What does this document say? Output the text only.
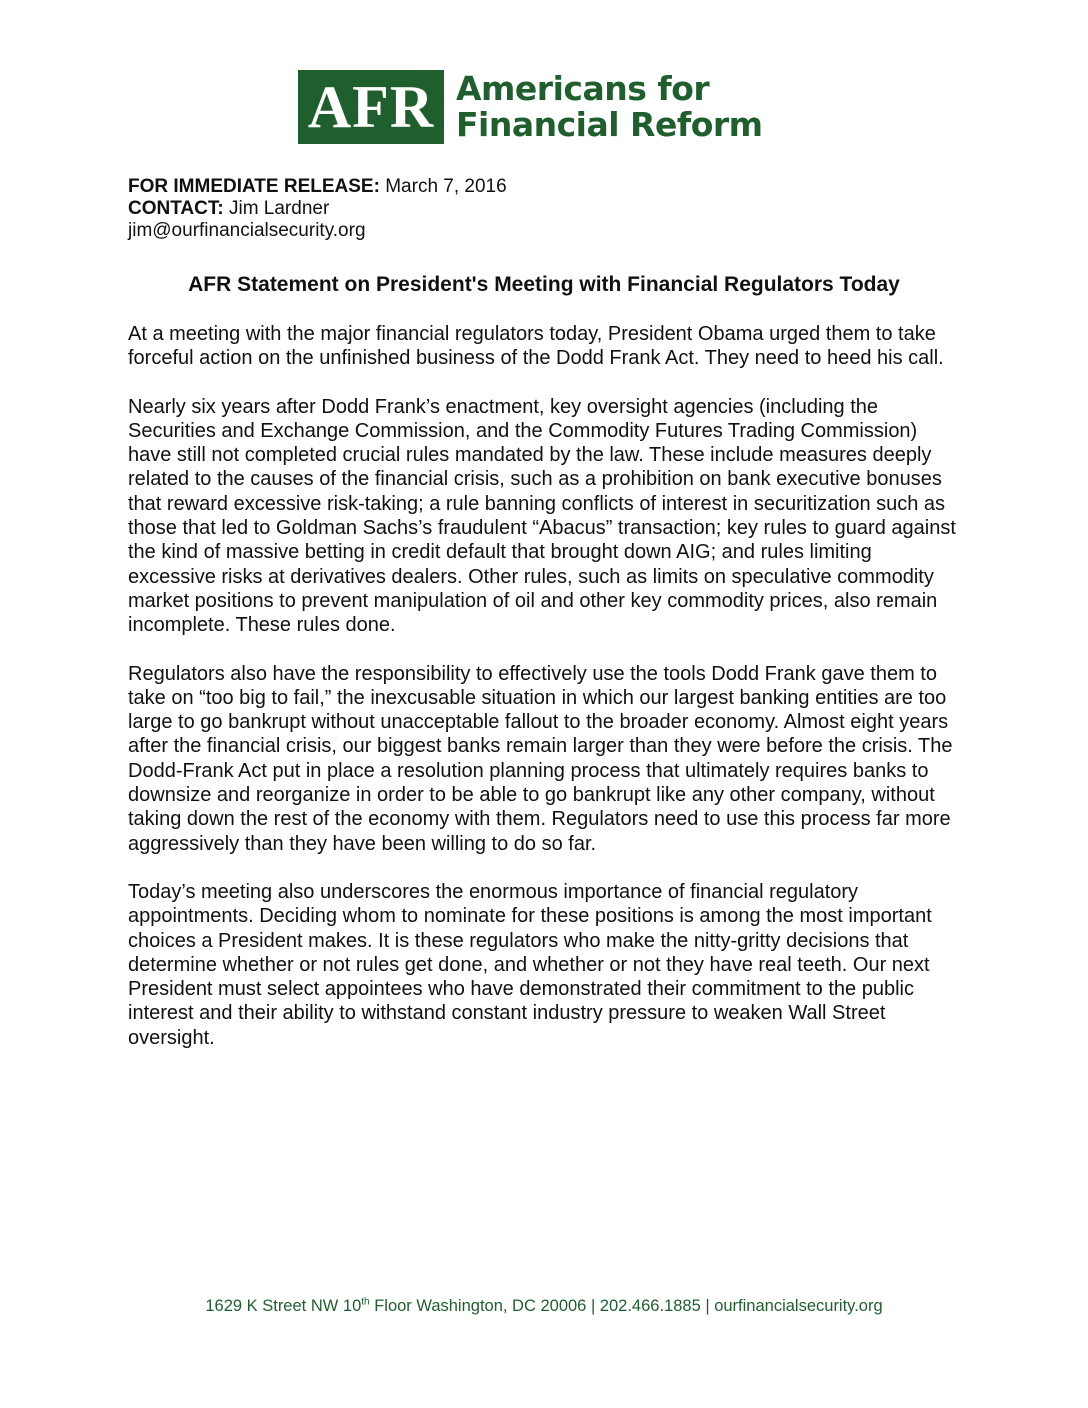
AFR Americans for
Financial Reform
FOR IMMEDIATE RELEASE: March 7, 2016
CONTACT: Jim Lardner
jim@ourfinancialsecurity.org
AFR Statement on President's Meeting with Financial Regulators Today

At a meeting with the major financial regulators today, President Obama urged them to take forceful action on the unfinished business of the Dodd Frank Act. They need to heed his call.

Nearly six years after Dodd Frank’s enactment, key oversight agencies (including the Securities and Exchange Commission, and the Commodity Futures Trading Commission) have still not completed crucial rules mandated by the law. These include measures deeply related to the causes of the financial crisis, such as a prohibition on bank executive bonuses that reward excessive risk-taking; a rule banning conflicts of interest in securitization such as those that led to Goldman Sachs’s fraudulent “Abacus” transaction; key rules to guard against the kind of massive betting in credit default that brought down AIG; and rules limiting excessive risks at derivatives dealers. Other rules, such as limits on speculative commodity market positions to prevent manipulation of oil and other key commodity prices, also remain incomplete. These rules done.

Regulators also have the responsibility to effectively use the tools Dodd Frank gave them to take on “too big to fail,” the inexcusable situation in which our largest banking entities are too large to go bankrupt without unacceptable fallout to the broader economy. Almost eight years after the financial crisis, our biggest banks remain larger than they were before the crisis. The Dodd-Frank Act put in place a resolution planning process that ultimately requires banks to downsize and reorganize in order to be able to go bankrupt like any other company, without taking down the rest of the economy with them. Regulators need to use this process far more aggressively than they have been willing to do so far.

Today’s meeting also underscores the enormous importance of financial regulatory appointments. Deciding whom to nominate for these positions is among the most important choices a President makes. It is these regulators who make the nitty-gritty decisions that determine whether or not rules get done, and whether or not they have real teeth. Our next President must select appointees who have demonstrated their commitment to the public interest and their ability to withstand constant industry pressure to weaken Wall Street oversight.

1629 K Street NW 10th Floor Washington, DC 20006 | 202.466.1885 | ourfinancialsecurity.org
